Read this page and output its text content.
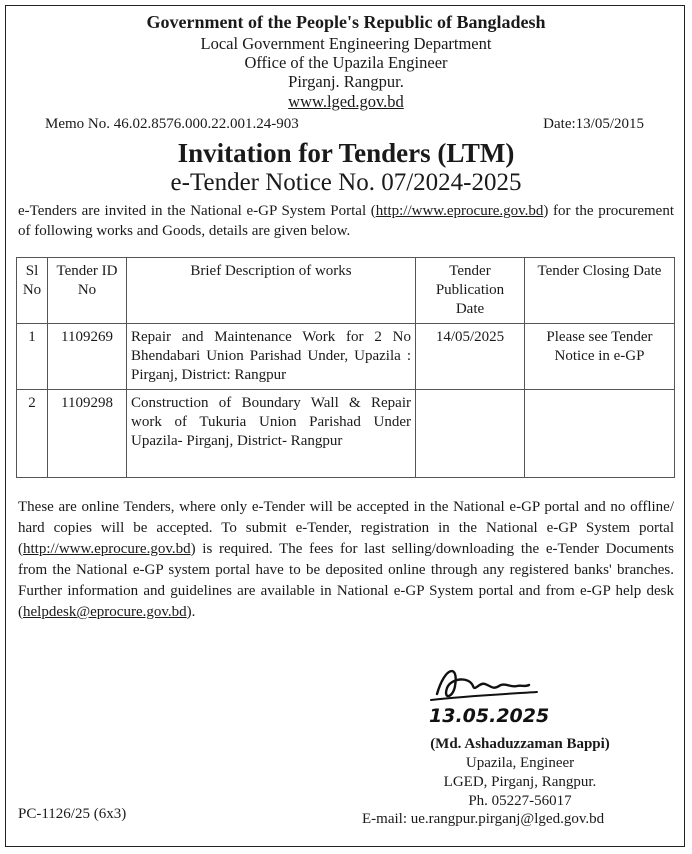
Government of the People's Republic of Bangladesh
Local Government Engineering Department
Office of the Upazila Engineer
Pirganj. Rangpur.
www.lged.gov.bd
Memo No. 46.02.8576.000.22.001.24-903	Date:13/05/2015
Invitation for Tenders (LTM)
e-Tender Notice No. 07/2024-2025
e-Tenders are invited in the National e-GP System Portal (http://www.eprocure.gov.bd) for the procurement of following works and Goods, details are given below.
Sl No	Tender ID No	Brief Description of works	Tender Publication Date	Tender Closing Date
1	1109269	Repair and Maintenance Work for 2 No Bhendabari Union Parishad Under, Upazila : Pirganj, District: Rangpur	14/05/2025	Please see Tender Notice in e-GP
2	1109298	Construction of Boundary Wall & Repair work of Tukuria Union Parishad Under Upazila- Pirganj, District- Rangpur		
These are online Tenders, where only e-Tender will be accepted in the National e-GP portal and no offline/ hard copies will be accepted. To submit e-Tender, registration in the National e-GP System portal (http://www.eprocure.gov.bd) is required. The fees for last selling/downloading the e-Tender Documents from the National e-GP system portal have to be deposited online through any registered banks' branches. Further information and guidelines are available in National e-GP System portal and from e-GP help desk (helpdesk@eprocure.gov.bd).
13.05.2025
(Md. Ashaduzzaman Bappi)
Upazila, Engineer
LGED, Pirganj, Rangpur.
Ph. 05227-56017
E-mail: ue.rangpur.pirganj@lged.gov.bd
PC-1126/25 (6x3)
